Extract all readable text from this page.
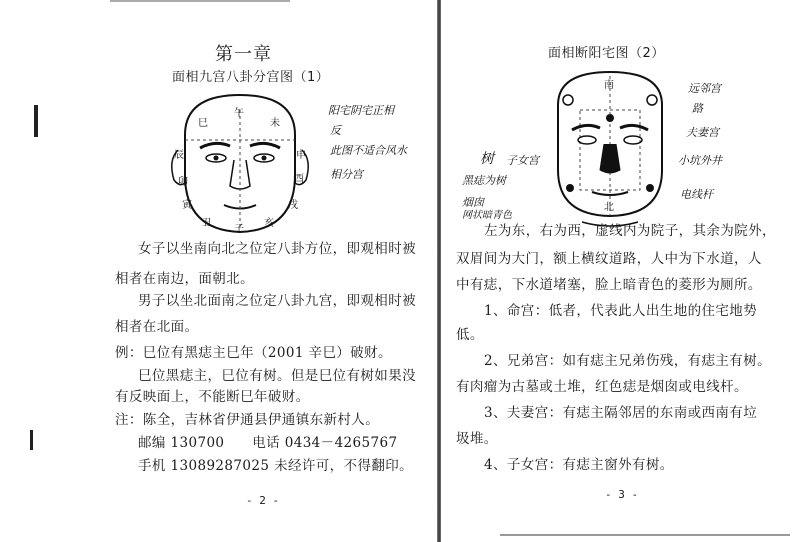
第一章
面相九宫八卦分宫图（1）
巳
午
未
辰	申
卯	酉
寅	戌
丑
子
亥
阳宅阴宅正相
反
此图不适合风水
相分宫
女子以坐南向北之位定八卦方位，即观相时被
相者在南边，面朝北。
男子以坐北面南之位定八卦九宫，即观相时被
相者在北面。
例：巳位有黑痣主巳年（2001 辛巳）破财。
巳位黑痣主，巳位有树。但是巳位有树如果没
有反映面上，不能断巳年破财。
注：陈全，吉林省伊通县伊通镇东新村人。
邮编 130700　　电话 0434－4265767
手机 13089287025 未经许可，不得翻印。
- 2 -
面相断阳宅图（2）
南
北
远邻宫
路
夫妻宫
小坑外井
树 子女宫
黑痣为树
烟囱
网状暗青色
电线杆
左为东，右为西，虚线内为院子，其余为院外，
双眉间为大门，额上横纹道路，人中为下水道，人
中有痣，下水道堵塞，脸上暗青色的菱形为厕所。
1、命宫：低者，代表此人出生地的住宅地势
低。
2、兄弟宫：如有痣主兄弟伤残，有痣主有树。
有肉瘤为古墓或土堆，红色痣是烟囱或电线杆。
3、夫妻宫：有痣主隔邻居的东南或西南有垃
圾堆。
4、子女宫：有痣主窗外有树。
- 3 -
